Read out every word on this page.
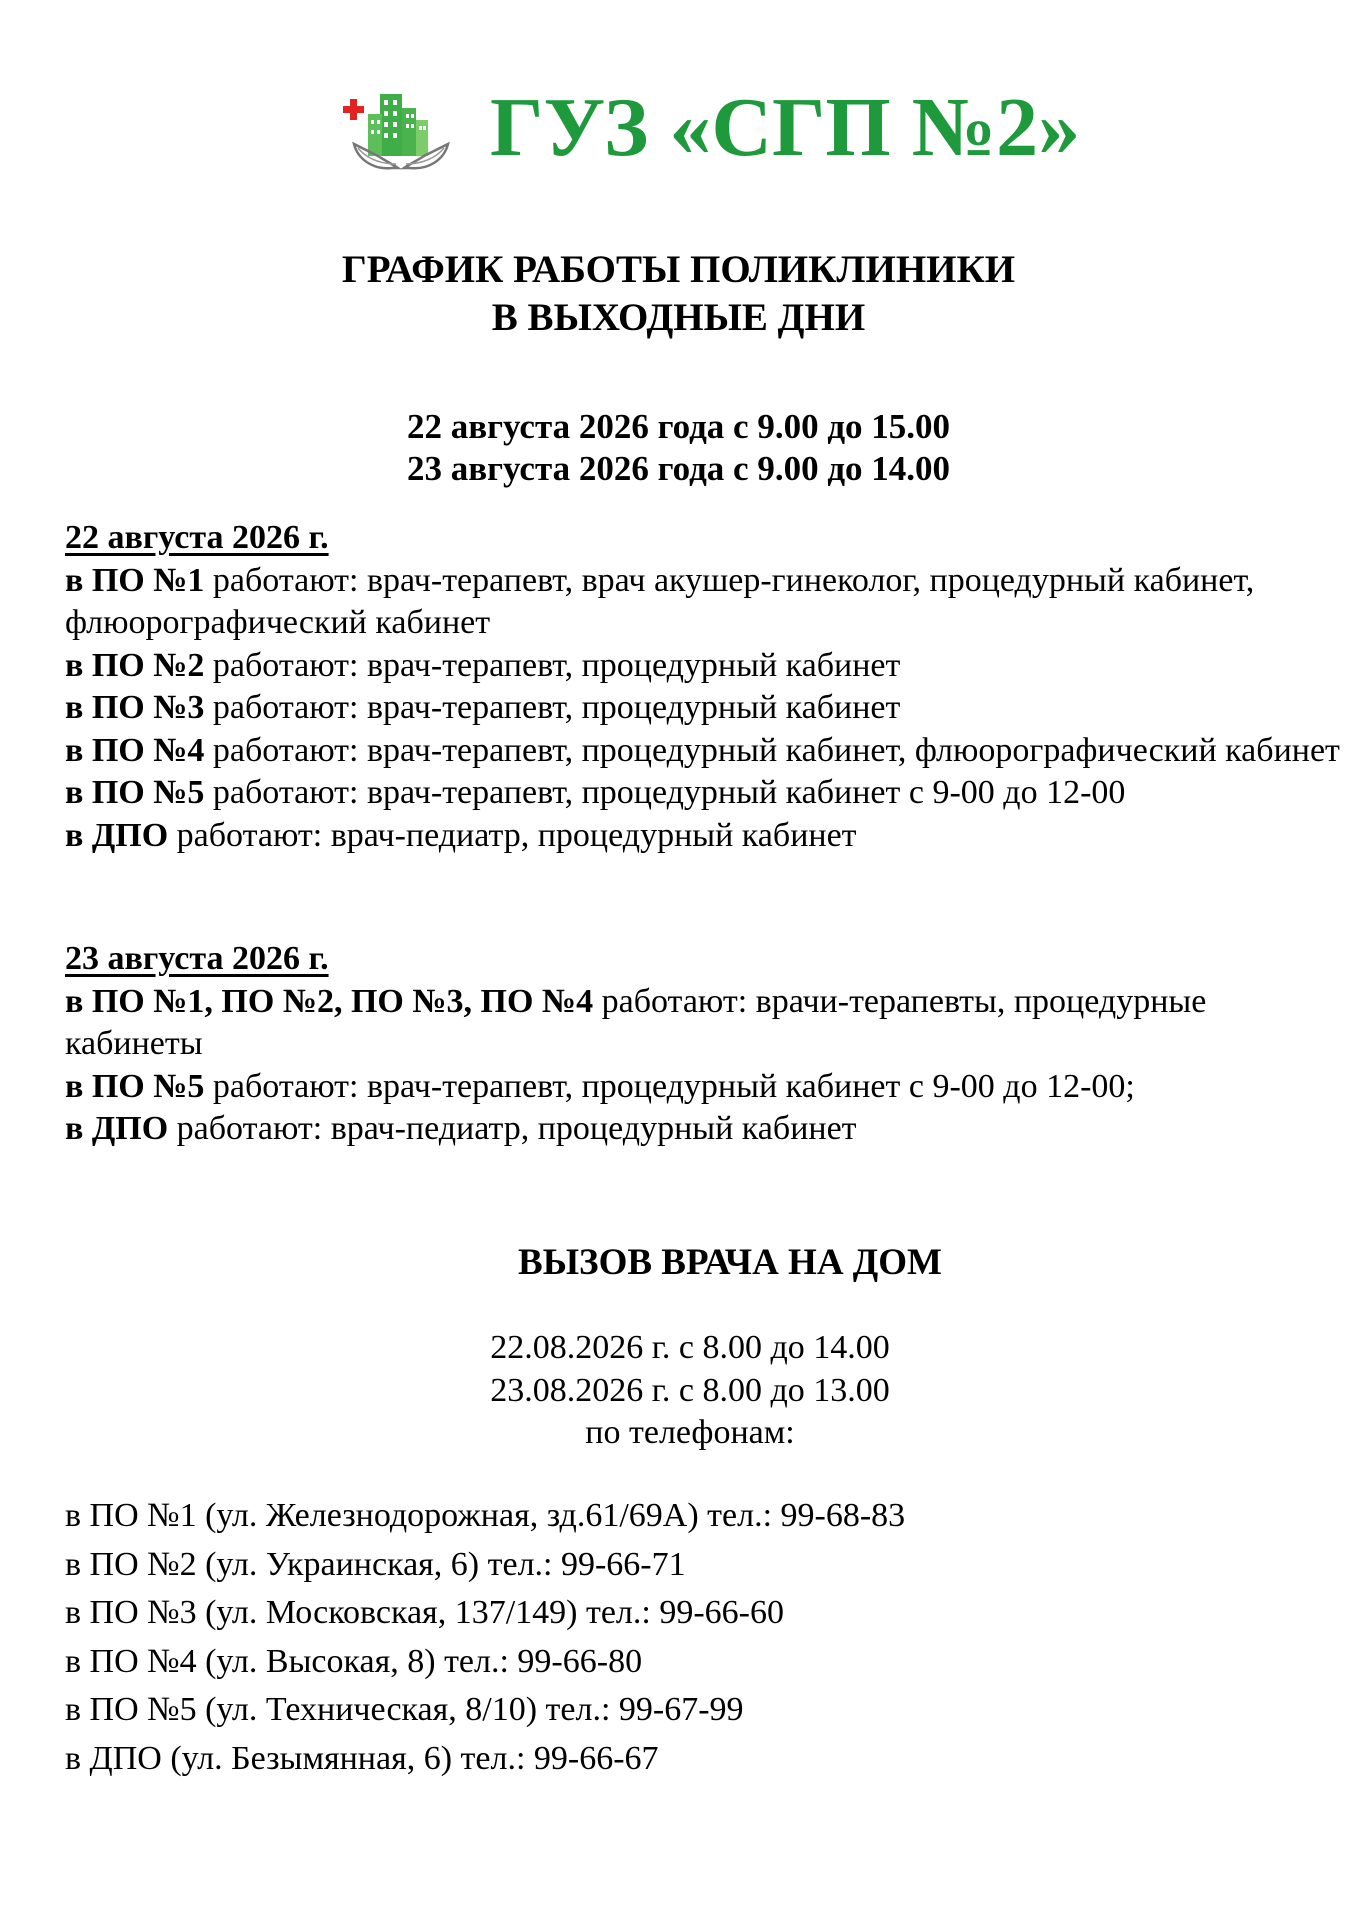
ГУЗ «СГП №2»
ГРАФИК РАБОТЫ ПОЛИКЛИНИКИ
В ВЫХОДНЫЕ ДНИ
22 августа 2026 года с 9.00 до 15.00
23 августа 2026 года с 9.00 до 14.00

22 августа 2026 г.

в ПО №1 работают: врач-терапевт, врач акушер-гинеколог, процедурный кабинет, флюорографический кабинет

в ПО №2 работают: врач-терапевт, процедурный кабинет

в ПО №3 работают: врач-терапевт, процедурный кабинет

в ПО №4 работают: врач-терапевт, процедурный кабинет, флюорографический кабинет

в ПО №5 работают: врач-терапевт, процедурный кабинет с 9-00 до 12-00

в ДПО работают: врач-педиатр, процедурный кабинет

23 августа 2026 г.

в ПО №1, ПО №2, ПО №3, ПО №4 работают: врачи-терапевты, процедурные кабинеты

в ПО №5 работают: врач-терапевт, процедурный кабинет с 9-00 до 12-00;

в ДПО работают: врач-педиатр, процедурный кабинет

ВЫЗОВ ВРАЧА НА ДОМ
22.08.2026 г. с 8.00 до 14.00
23.08.2026 г. с 8.00 до 13.00
по телефонам:

в ПО №1 (ул. Железнодорожная, зд.61/69А) тел.: 99-68-83

в ПО №2 (ул. Украинская, 6) тел.: 99-66-71

в ПО №3 (ул. Московская, 137/149) тел.: 99-66-60

в ПО №4 (ул. Высокая, 8) тел.: 99-66-80

в ПО №5 (ул. Техническая, 8/10) тел.: 99-67-99

в ДПО (ул. Безымянная, 6) тел.: 99-66-67
